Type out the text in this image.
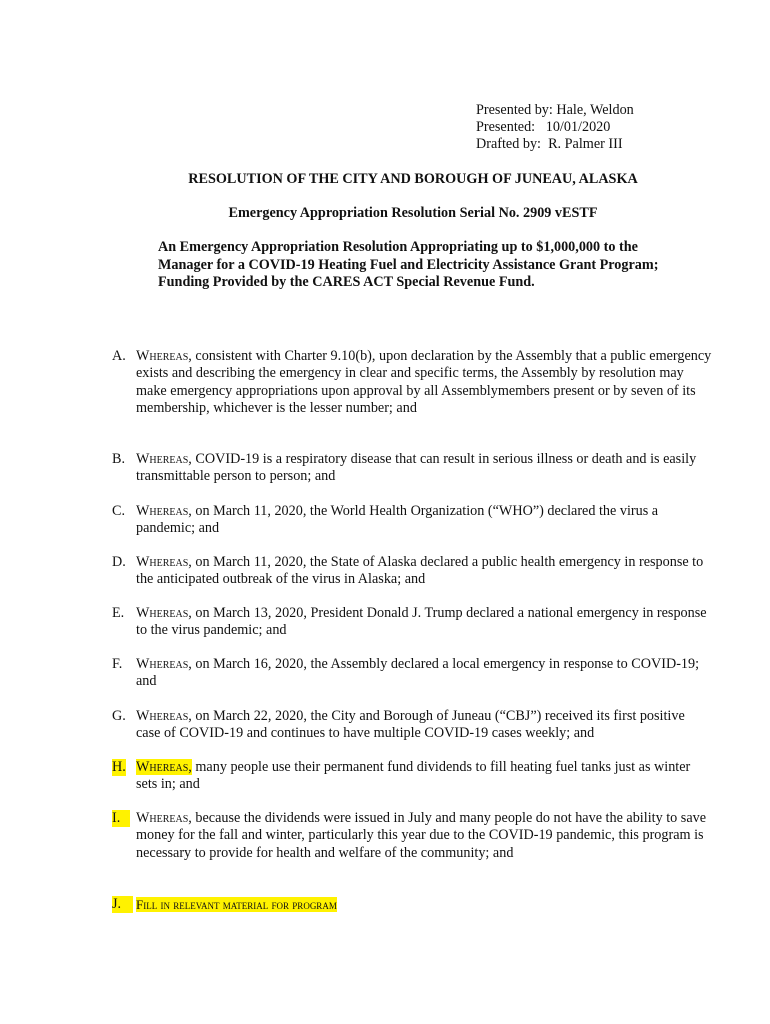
Presented by: Hale, Weldon
Presented:   10/01/2020
Drafted by:  R. Palmer III
RESOLUTION OF THE CITY AND BOROUGH OF JUNEAU, ALASKA
Emergency Appropriation Resolution Serial No. 2909 vESTF
An Emergency Appropriation Resolution Appropriating up to $1,000,000 to the Manager for a COVID-19 Heating Fuel and Electricity Assistance Grant Program; Funding Provided by the CARES ACT Special Revenue Fund.
A. Whereas, consistent with Charter 9.10(b), upon declaration by the Assembly that a public emergency exists and describing the emergency in clear and specific terms, the Assembly by resolution may make emergency appropriations upon approval by all Assemblymembers present or by seven of its membership, whichever is the lesser number; and
B. Whereas, COVID-19 is a respiratory disease that can result in serious illness or death and is easily transmittable person to person; and
C. Whereas, on March 11, 2020, the World Health Organization (“WHO”) declared the virus a pandemic; and
D. Whereas, on March 11, 2020, the State of Alaska declared a public health emergency in response to the anticipated outbreak of the virus in Alaska; and
E. Whereas, on March 13, 2020, President Donald J. Trump declared a national emergency in response to the virus pandemic; and
F. Whereas, on March 16, 2020, the Assembly declared a local emergency in response to COVID-19; and
G. Whereas, on March 22, 2020, the City and Borough of Juneau (“CBJ”) received its first positive case of COVID-19 and continues to have multiple COVID-19 cases weekly; and
H. Whereas, many people use their permanent fund dividends to fill heating fuel tanks just as winter sets in; and
I.	Whereas, because the dividends were issued in July and many people do not have the ability to save money for the fall and winter, particularly this year due to the COVID-19 pandemic, this program is necessary to provide for health and welfare of the community; and
J.	Fill in relevant material for program
